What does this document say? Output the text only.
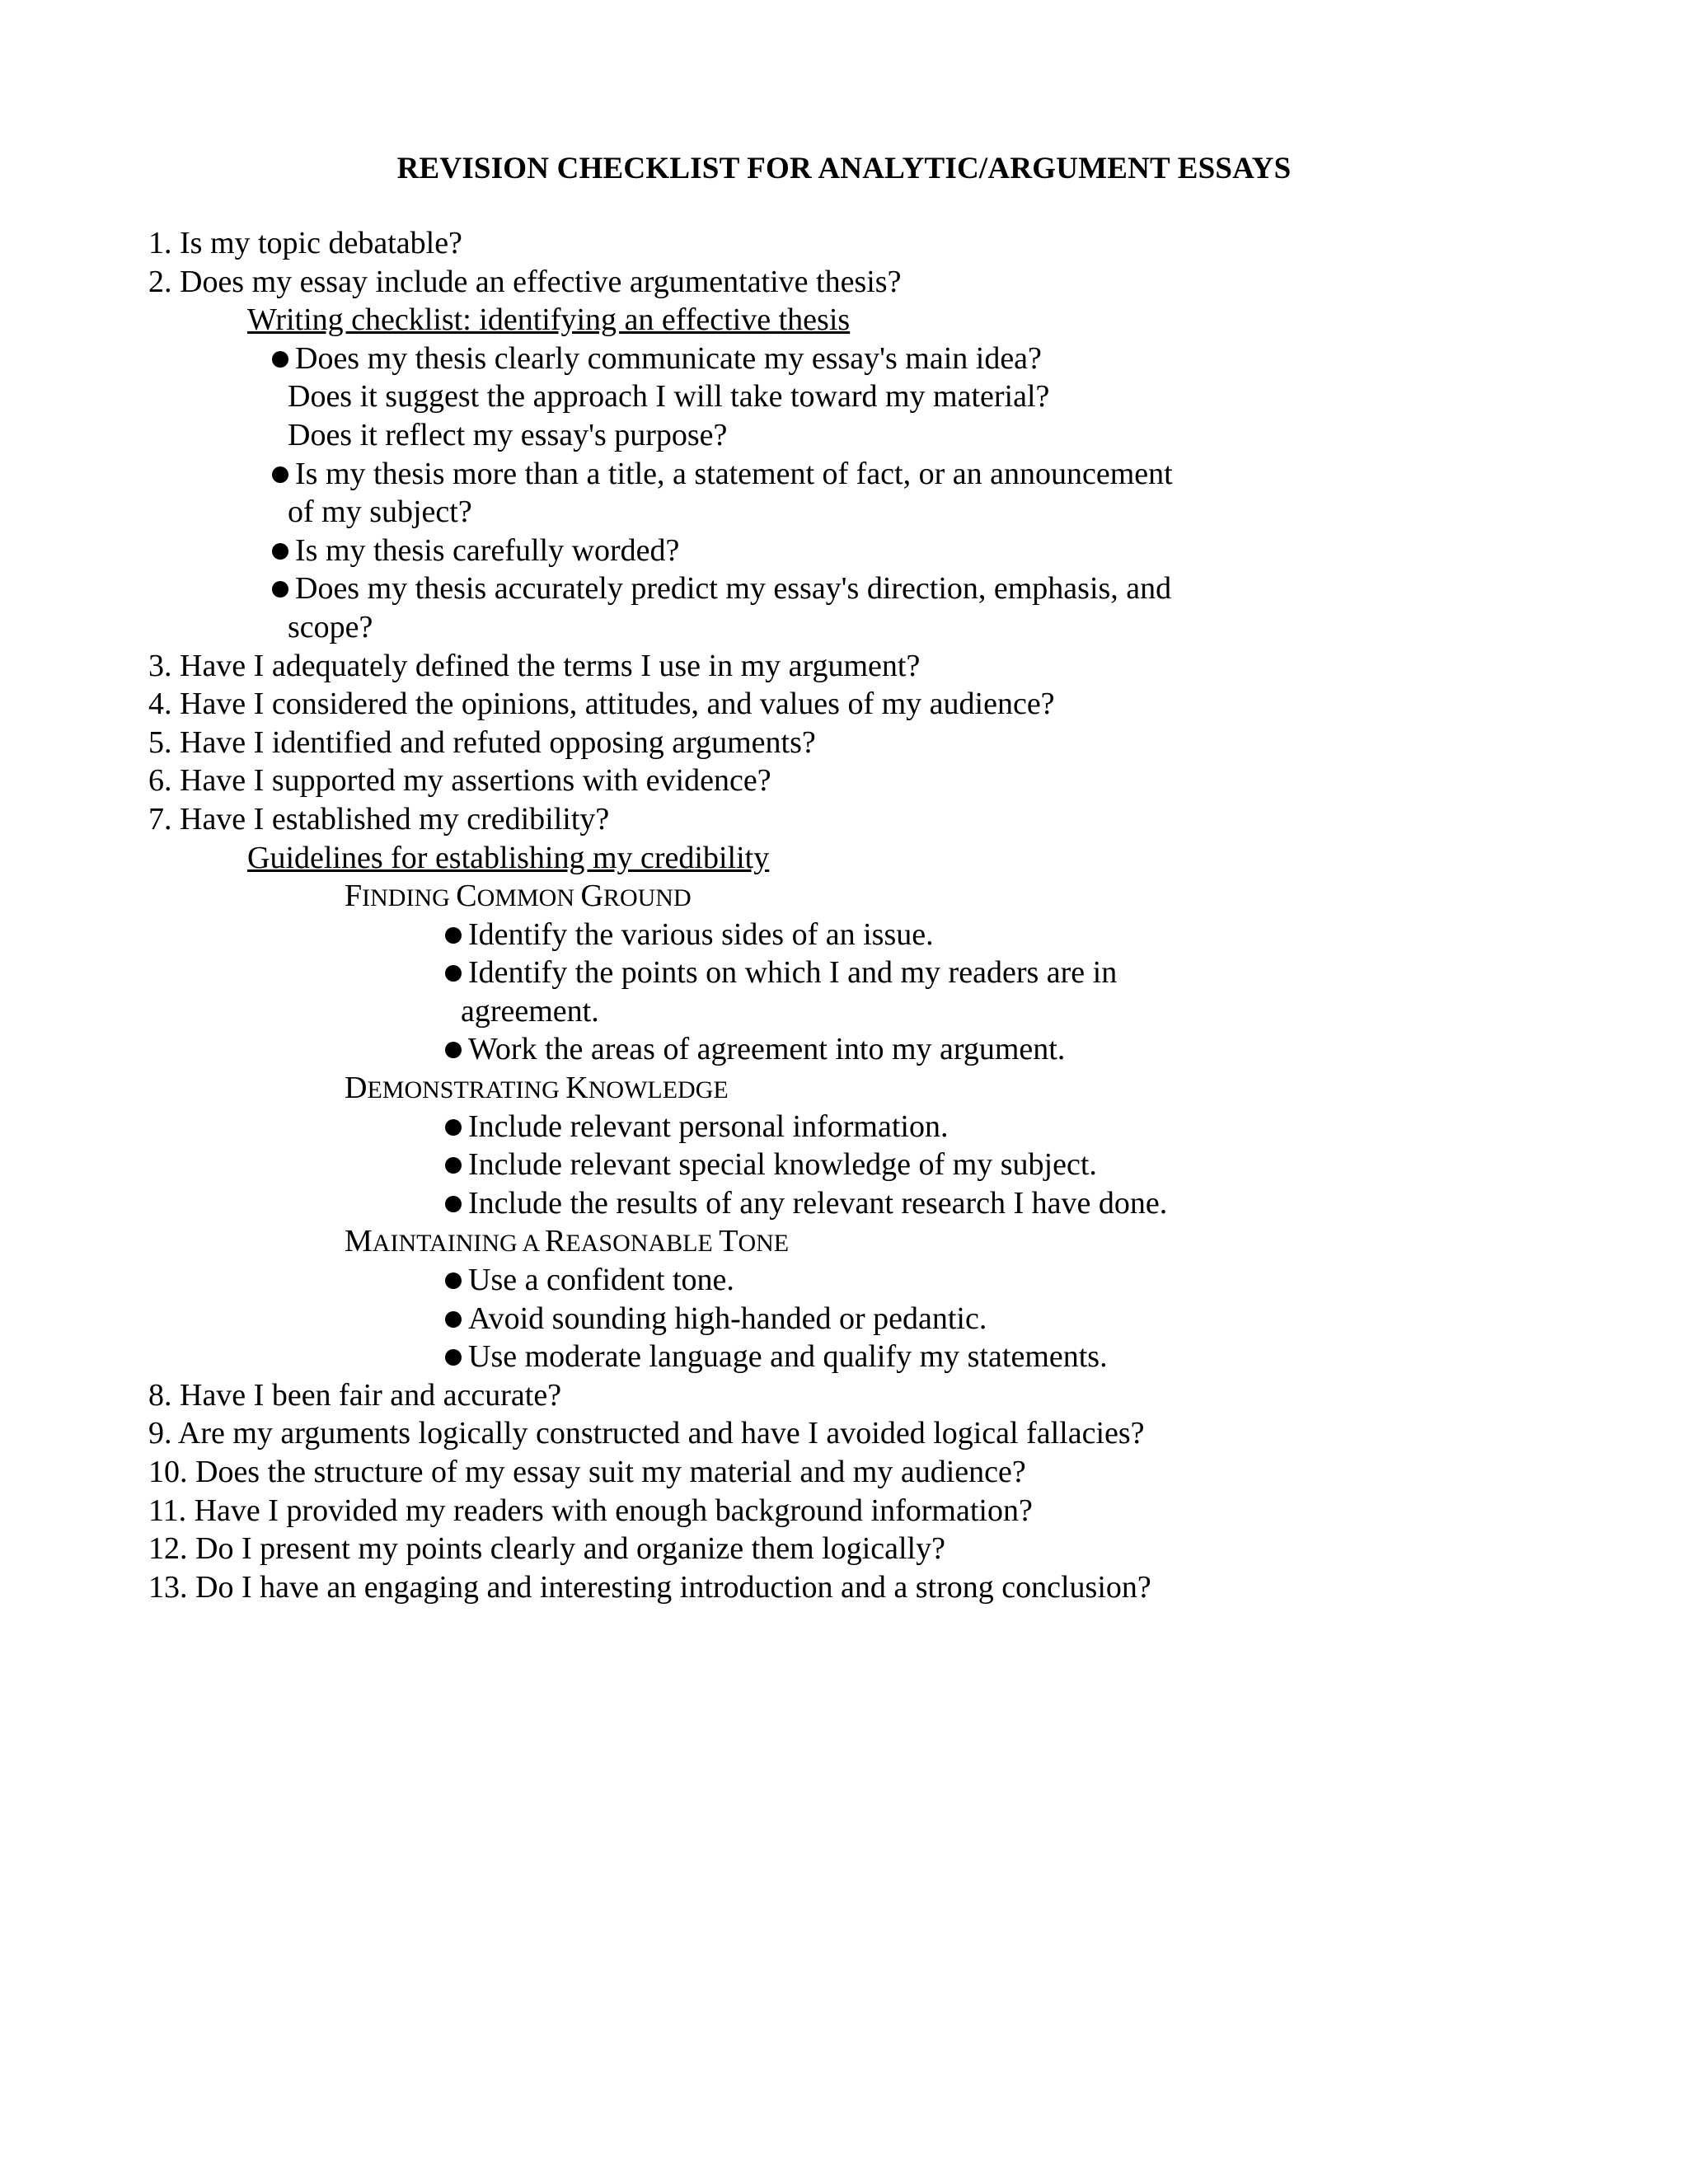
REVISION CHECKLIST FOR ANALYTIC/ARGUMENT ESSAYS
1. Is my topic debatable?
2. Does my essay include an effective argumentative thesis?
Writing checklist: identifying an effective thesis
Does my thesis clearly communicate my essay's main idea?
Does it suggest the approach I will take toward my material?
Does it reflect my essay's purpose?
Is my thesis more than a title, a statement of fact, or an announcement
of my subject?
Is my thesis carefully worded?
Does my thesis accurately predict my essay's direction, emphasis, and
scope?
3. Have I adequately defined the terms I use in my argument?
4. Have I considered the opinions, attitudes, and values of my audience?
5. Have I identified and refuted opposing arguments?
6. Have I supported my assertions with evidence?
7. Have I established my credibility?
Guidelines for establishing my credibility
FINDING COMMON GROUND
Identify the various sides of an issue.
Identify the points on which I and my readers are in
agreement.
Work the areas of agreement into my argument.
DEMONSTRATING KNOWLEDGE
Include relevant personal information.
Include relevant special knowledge of my subject.
Include the results of any relevant research I have done.
MAINTAINING A REASONABLE TONE
Use a confident tone.
Avoid sounding high-handed or pedantic.
Use moderate language and qualify my statements.
8. Have I been fair and accurate?
9. Are my arguments logically constructed and have I avoided logical fallacies?
10. Does the structure of my essay suit my material and my audience?
11. Have I provided my readers with enough background information?
12. Do I present my points clearly and organize them logically?
13. Do I have an engaging and interesting introduction and a strong conclusion?
